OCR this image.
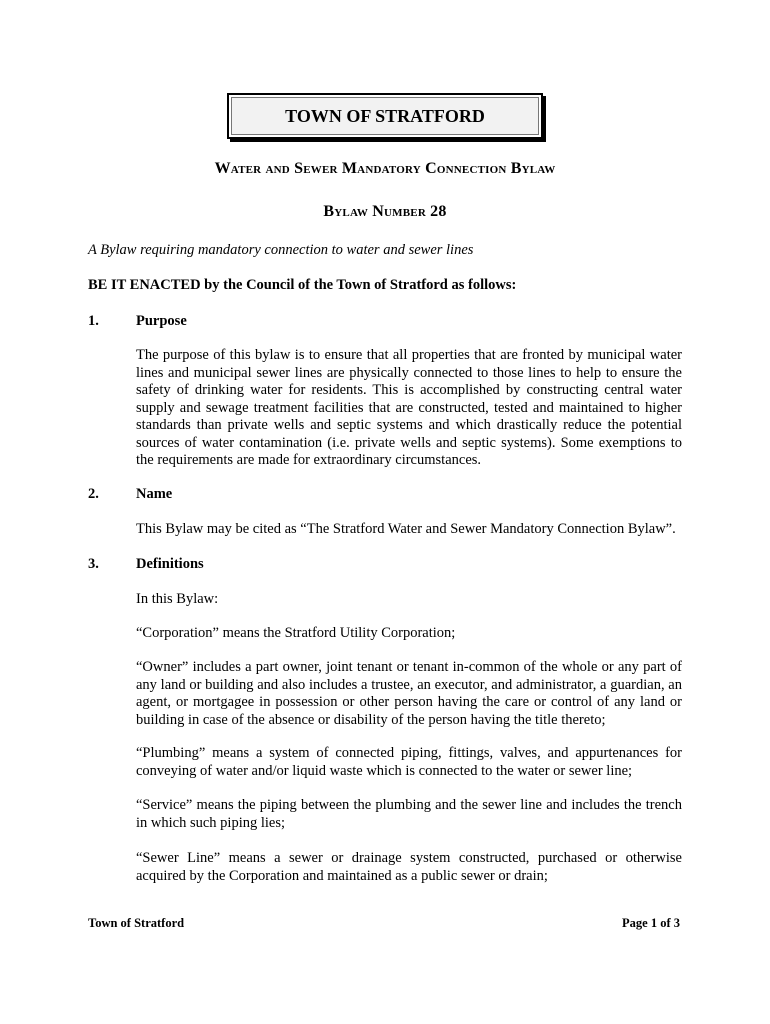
TOWN OF STRATFORD
Water and Sewer Mandatory Connection Bylaw
Bylaw Number 28
A Bylaw requiring mandatory connection to water and sewer lines
BE IT ENACTED by the Council of the Town of Stratford as follows:
1.	Purpose
The purpose of this bylaw is to ensure that all properties that are fronted by municipal water lines and municipal sewer lines are physically connected to those lines to help to ensure the safety of drinking water for residents. This is accomplished by constructing central water supply and sewage treatment facilities that are constructed, tested and maintained to higher standards than private wells and septic systems and which drastically reduce the potential sources of water contamination (i.e. private wells and septic systems). Some exemptions to the requirements are made for extraordinary circumstances.
2.	Name
This Bylaw may be cited as “The Stratford Water and Sewer Mandatory Connection Bylaw”.
3.	Definitions
In this Bylaw:
“Corporation” means the Stratford Utility Corporation;
“Owner” includes a part owner, joint tenant or tenant in-common of the whole or any part of any land or building and also includes a trustee, an executor, and administrator, a guardian, an agent, or mortgagee in possession or other person having the care or control of any land or building in case of the absence or disability of the person having the title thereto;
“Plumbing” means a system of connected piping, fittings, valves, and appurtenances for conveying of water and/or liquid waste which is connected to the water or sewer line;
“Service” means the piping between the plumbing and the sewer line and includes the trench in which such piping lies;
“Sewer Line” means a sewer or drainage system constructed, purchased or otherwise acquired by the Corporation and maintained as a public sewer or drain;
Town of Stratford	Page 1 of 3
